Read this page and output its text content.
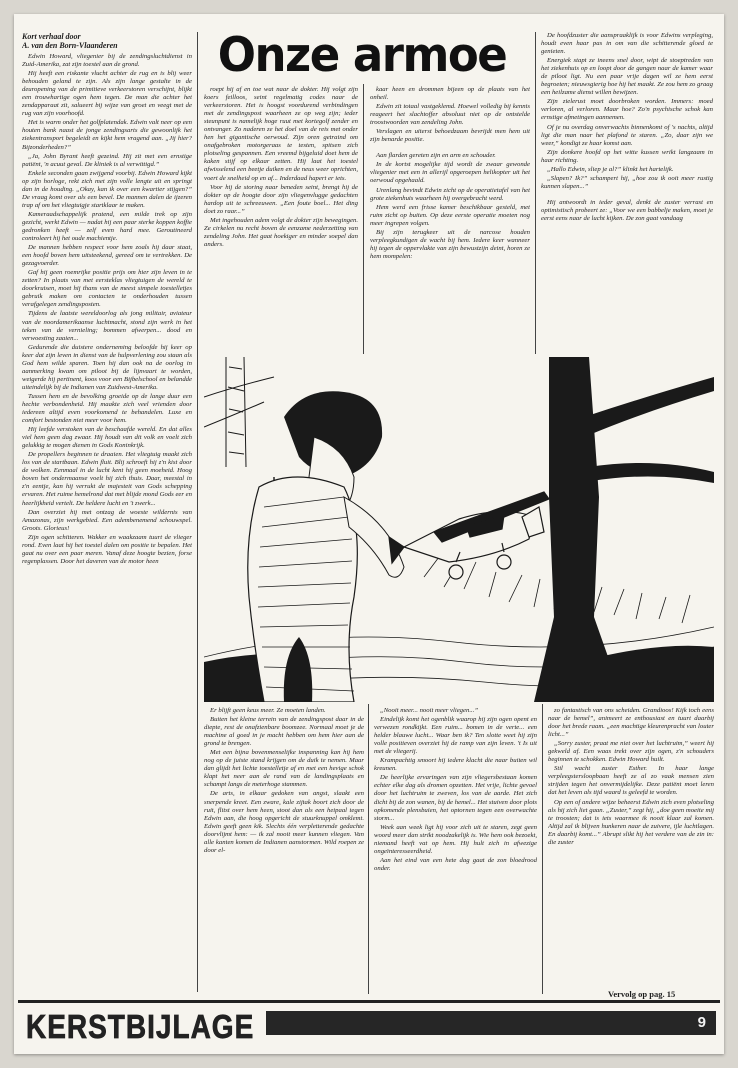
Kort verhaal door
A. van den Born-Vlaanderen

Edwin Howard, vliegenier bij de zendingsluchtdienst in Zuid-Amerika, zat zijn toestel aan de grond.

Hij heeft een riskante vlucht achter de rug en is blij weer behouden geland te zijn. Als zijn lange gestalte in de deuropening van de primitieve verkeerstoren verschijnt, blijkt een trouwhartige ogen hem tegen. De man die achter het zendapparaat zit, salueert bij wijze van groet en veegt met de rug van zijn voorhoofd.

Het is warm onder het golfplatendak. Edwin valt neer op een houten bank naast de jonge zendingsarts die gewoonlijk het ziekentransport begeleidt en kijkt hem vragend aan. „Jij hier? Bijzonderheden?”

„Ja, John Byrant heeft gezeind. Hij zit met een ernstige patiënt, 'n acuut geval. De kliniek is al verwittigd.”

Enkele seconden gaan zwijgend voorbij. Edwin Howard kijkt op zijn horloge, rekt zich met zijn volle lengte uit en springt dan in de houding. „Okay, kan ik over een kwartier stijgen?” De vraag komt over als een bevel. De mannen dalen de ijzeren trap af om het vliegtuigje startklaar te maken.

Kameraadschappelijk pratend, een milde trek op zijn gezicht, werkt Edwin — nadat hij een paar sterke koppen koffie gedronken heeft — zelf even hard mee. Geroutineerd controleert hij het oude machientje.

De mannen hebben respect voor hem zoals hij daar staat, een hoofd boven hem uitsteekend, gereed om te vertrekken. De gezagvoerder.

Gaf hij geen roemrijke positie prijs om hier zijn leven in te zetten? In plaats van met eersteklas vliegtuigen de wereld te doorkruisen, moet hij thans van de meest simpele toestelletjes gebruik maken om contacten te onderhouden tussen verafgelegen zendingsposten.

Tijdens de laatste wereldoorlog als jong militair, aviateur van de noordamerikaanse luchtmacht, stond zijn werk in het teken van de vernieling; bommen afwerpen... dood en verwoesting zaaien...

Gedurende die duistere onderneming beloofde hij keer op keer dat zijn leven in dienst van de hulpverlening zou staan als God hem wilde sparen. Toen hij dan ook na de oorlog in aanmerking kwam om piloot bij de lijnvaart te worden, weigerde hij pertinent, koos voor een Bijbelschool en belandde uiteindelijk bij de Indianen van Zuidwest-Amerika.

Tussen hem en de bevolking groeide op de lange duur een hechte verbondenheid. Hij maakte zich veel vrienden door iedereen altijd even voorkomend te behandelen. Luxe en comfort bestonden niet meer voor hem.

Hij leefde verstoken van de beschaafde wereld. En dat alles viel hem geen dag zwaar. Hij houdt van dit volk en voelt zich gelukkig te mogen dienen in Gods Koninkrijk.

De propellers beginnen te draaien. Het vliegtuig maakt zich los van de startbaan. Edwin fluit. Blij schroeft hij z'n kist door de wolken. Eenmaal in de lucht kent hij geen moeheid. Hoog boven het ondermaanse voelt hij zich thuis. Daar, meestal in z'n eentje, kan hij verrukt de majesteit van Gods schepping ervaren. Het ruime hemelrond dat met blijde mond Gods eer en heerlijkheid vertelt. De heldere lucht en 't zwerk...

Dan overziet hij met ontzag de woeste wildernis van Amazonas, zijn werkgebied. Een adembenemend schouwspel. Groots. Glorieus!

Zijn ogen schitteren. Wakker en waakzaam tuurt de vlieger rond. Even laat hij het toestel dalen om positie te bepalen. Het gaat nu over een paar meren. Vanaf deze hoogte bezien, forse regenplassen. Door het daveren van de motor heen

Onze armoe

roept hij af en toe wat naar de dokter. Hij volgt zijn koers feilloos, seint regelmatig codes naar de verkeerstoren. Het is hoogst voordurend verbindingen met de zendingspost waarheen ze op weg zijn; ieder steunpunt is namelijk hoge ruut met kortegolf zender en ontvanger. Zo naderen ze het doel van de reis met onder hen het gigantische oerwoud. Zijn oren getraind om onafgebroken motorgeraas te testen, spitsen zich plotseling gespannen. Een vreemd bijgeluid doet hem de kaken stijf op elkaar zetten. Hij laat het toestel afwisselend een beetje duiken en de neus weer oprichten, voert de snelheid op en af... Inderdaad hapert er iets.

Voor hij de storing naar beneden seint, brengt hij de dokter op de hoogte door zijn vliegenvlugge gedachten hardop uit te schreeuwen. „Een foute boel... Het ding doet zo raar...”

Met ingehouden adem volgt de dokter zijn bewegingen. Ze cirkelen nu recht boven de eenzame nederzetting van zendeling John. Het gaat hoekiger en minder soepel dan anders.

kaar heen en drommen bijeen op de plaats van het onheil.

Edwin zit totaal vastgeklemd. Hoewel volledig bij kennis reageert het slachtoffer absoluut niet op de ontstelde troostwoorden van zendeling John.

Verslagen en uiterst behoedzaam bevrijdt men hem uit zijn benarde positie.

Aan flarden gereten zijn en arm en schouder.

In de kortst mogelijke tijd wordt de zwaar gewonde vliegenier met een in allerijl opgeroepen helikopter uit het oerwoud opgehaald.

Urenlang bevindt Edwin zicht op de operatietafel van het grote ziekenhuis waarheen hij overgebracht werd.

Hem werd een frisse kamer beschikbaar gesteld, met ruim zicht op buiten. Op deze eerste operatie moeten nog meer ingrepen volgen.

Bij zijn terugkeer uit de narcose houden verpleegkundigen de wacht bij hem. Iedere keer wanneer hij tegen de oppervlakte van zijn bewustzijn deint, horen ze hem mompelen:

De hoofdzuster die aanspraaklijk is voor Edwins verpleging, houdt even haar pas in om van die schitterende gloed te genieten.

Energiek stapt ze ineens snel door, wipt de stoeptreden van het ziekenhuis op en loopt door de gangen naar de kamer waar de piloot ligt. Nu een paar vrije dagen wil ze hem eerst begroeten; nieuwsgierig hoe hij het maakt. Ze zou hem zo graag een heilzame dienst willen bewijzen.

Zijn zielerust moet doorbroken worden. Immers: moed verloren, al verloren. Maar hoe? Zo'n psychische schok kan ernstige afmetingen aannemen.

Of je nu overdag onverwachts binnenkomt of 's nachts, altijd ligt die man naar het plafond te staren. „Zo, daar zijn we weer,” kondigt ze haar komst aan.

Zijn donkere hoofd op het witte kussen wrikt langzaam in haar richting.

„Hallo Edwin, sliep je al?” klinkt het hartelijk.

„Slapen? Ik?” schampert hij, „hoe zou ik ooit meer rustig kunnen slapen...”

Hij antwoordt in ieder geval, denkt de zuster verrast en optimistisch probeert ze: „Voor we een babbelje maken, moet je eerst eens naar de lucht kijken. De zon gaat vandaag

Er blijft geen keus meer. Ze moeten landen.

Buiten het kleine terrein van de zendingspost daar in de diepte, rest de onafzienbare boomzee. Normaal moet je de machine al goed in je macht hebben om hem hier aan de grond te brengen.

Met een bijna bovenmenselijke inspanning kan hij hem nog op de juiste stand krijgen om de duik te nemen. Maar dan glijdt het lichte toestelletje af en met een hevige schok klapt het neer aan de rand van de landingsplaats en schampt langs de meterhoge stammen.

De arts, in elkaar gedoken van angst, slaakt een snerpende kreet. Een zware, kale zijtak boort zich door de ruit, flitst over hem heen, stoot dan als een heipaal tegen Edwin aan, die hoog opgericht de stuurknuppel omklemt. Edwin geeft geen kik. Slechts één verpletterende gedachte doorvlijmt hem: — ik zal nooit meer kunnen vliegen. Van alle kanten komen de Indianen aanstormen. Wild roepen ze door el-

„Nooit meer... nooit meer vliegen...”

Eindelijk komt het ogenblik waarop hij zijn ogen opent en verwezen rondkijkt. Een ruim... bomen in de verte... een helder blauwe lucht... Waar ben ik? Ten slotte weet hij zijn volle positieven overziet hij de ramp van zijn leven. 't Is uit met de vliegerij.

Krampachtig smoort hij iedere klacht die naar buiten wil kreunen.

De heerlijke ervaringen van zijn vliegersbestaan komen echter elke dag als dromen opzetten. Het vrije, lichte gevoel door het luchtruim te zweven, los van de aarde. Het zich dicht bij de zon wanen, bij de hemel... Het stuiven door plots opkomende plensbuien, het optornen tegen een overwachte storm...

Week aan week ligt hij voor zich uit te staren, zegt geen woord meer dan strikt noodzakelijk is. Wie hem ook bezoekt, niemand heeft vat op hem. Hij hult zich in afwezige ongeïnteresseerdheid.

Aan het eind van een hete dag gaat de zon bloedrood onder.

zo fantastisch van ons scheiden. Grandioos! Kijk toch eens naar de hemel”, animeert ze enthousiast en tuurt daarbij door het brede raam. „een machtige kleurenpracht van louter licht...”

„Sorry zuster, praat me niet over het luchtruim,” weert hij gekweld af. Een waas trekt over zijn ogen, z'n schouders beginnen te schokken. Edwin Howard huilt.

Stil wacht zuster Esther. In haar lange verpleegstersloopbaan heeft ze al zo vaak mensen zien strijden tegen het onvermijdelijke. Deze patiënt moet leren dat het leven als tijd waard is geleefd te worden.

Op een of andere wijze beheerst Edwin zich even plotseling als hij zich liet gaan. „Zuster,” zegt hij, „doe geen moeite mij te troosten; dat is iets waarmee ik nooit klaar zal komen. Altijd zal ik blijven hunkeren naar de zuivere, ijle luchtlagen. En daarbij komt...” Abrupt slikt hij het verdere van de zin in: die zuster

Vervolg op pag. 15
KERSTBIJLAGE	9
